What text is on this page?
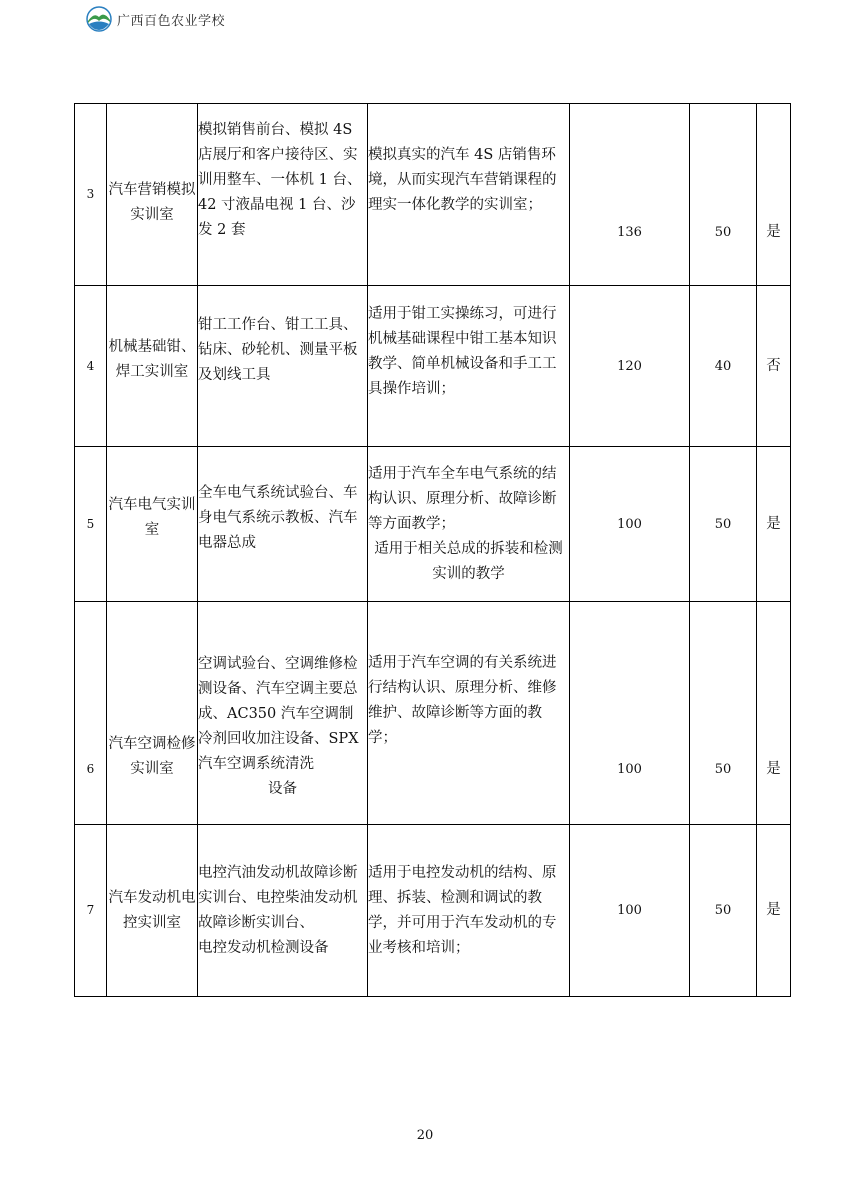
广西百色农业学校
3	汽车营销模拟实训室	模拟销售前台、模拟 4S 店展厅和客户接待区、实训用整车、一体机 1 台、42 寸液晶电视 1 台、沙发 2 套	模拟真实的汽车 4S 店销售环境，从而实现汽车营销课程的理实一体化教学的实训室；	136	50	是
4	机械基础钳、焊工实训室	钳工工作台、钳工工具、钻床、砂轮机、测量平板及划线工具	适用于钳工实操练习，可进行机械基础课程中钳工基本知识教学、简单机械设备和手工工具操作培训；	120	40	否
5	汽车电气实训室	全车电气系统试验台、车身电气系统示教板、汽车电器总成	适用于汽车全车电气系统的结构认识、原理分析、故障诊断等方面教学；
适用于相关总成的拆装和检测实训的教学	100	50	是
6	汽车空调检修实训室	空调试验台、空调维修检测设备、汽车空调主要总成、AC350 汽车空调制冷剂回收加注设备、SPX 汽车空调系统清洗
设备	适用于汽车空调的有关系统进行结构认识、原理分析、维修维护、故障诊断等方面的教学；	100	50	是
7	汽车发动机电控实训室	电控汽油发动机故障诊断实训台、电控柴油发动机故障诊断实训台、
电控发动机检测设备	适用于电控发动机的结构、原理、拆装、检测和调试的教学，并可用于汽车发动机的专业考核和培训；	100	50	是
20
